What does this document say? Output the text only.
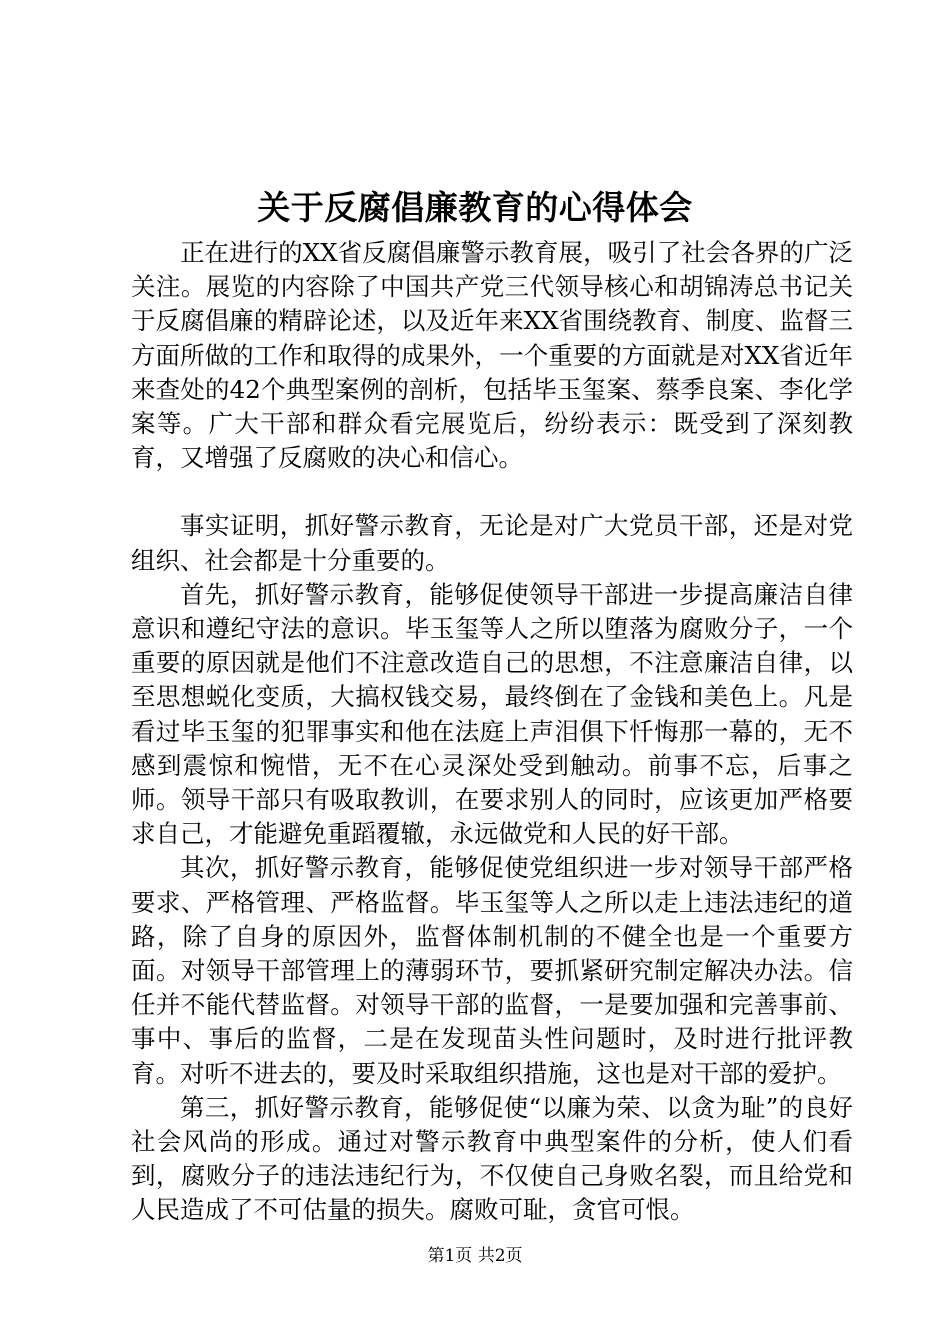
关于反腐倡廉教育的心得体会

正在进行的XX省反腐倡廉警示教育展，吸引了社会各界的广泛关注。展览的内容除了中国共产党三代领导核心和胡锦涛总书记关于反腐倡廉的精辟论述，以及近年来XX省围绕教育、制度、监督三方面所做的工作和取得的成果外，一个重要的方面就是对XX省近年来查处的42个典型案例的剖析，包括毕玉玺案、蔡季良案、李化学案等。广大干部和群众看完展览后，纷纷表示：既受到了深刻教育，又增强了反腐败的决心和信心。

事实证明，抓好警示教育，无论是对广大党员干部，还是对党组织、社会都是十分重要的。

首先，抓好警示教育，能够促使领导干部进一步提高廉洁自律意识和遵纪守法的意识。毕玉玺等人之所以堕落为腐败分子，一个重要的原因就是他们不注意改造自己的思想，不注意廉洁自律，以至思想蜕化变质，大搞权钱交易，最终倒在了金钱和美色上。凡是看过毕玉玺的犯罪事实和他在法庭上声泪俱下忏悔那一幕的，无不感到震惊和惋惜，无不在心灵深处受到触动。前事不忘，后事之师。领导干部只有吸取教训，在要求别人的同时，应该更加严格要求自己，才能避免重蹈覆辙，永远做党和人民的好干部。

其次，抓好警示教育，能够促使党组织进一步对领导干部严格要求、严格管理、严格监督。毕玉玺等人之所以走上违法违纪的道路，除了自身的原因外，监督体制机制的不健全也是一个重要方面。对领导干部管理上的薄弱环节，要抓紧研究制定解决办法。信任并不能代替监督。对领导干部的监督，一是要加强和完善事前、事中、事后的监督，二是在发现苗头性问题时，及时进行批评教育。对听不进去的，要及时采取组织措施，这也是对干部的爱护。

第三，抓好警示教育，能够促使“以廉为荣、以贪为耻”的良好社会风尚的形成。通过对警示教育中典型案件的分析，使人们看到，腐败分子的违法违纪行为，不仅使自己身败名裂，而且给党和人民造成了不可估量的损失。腐败可耻，贪官可恨。

第1页 共2页
